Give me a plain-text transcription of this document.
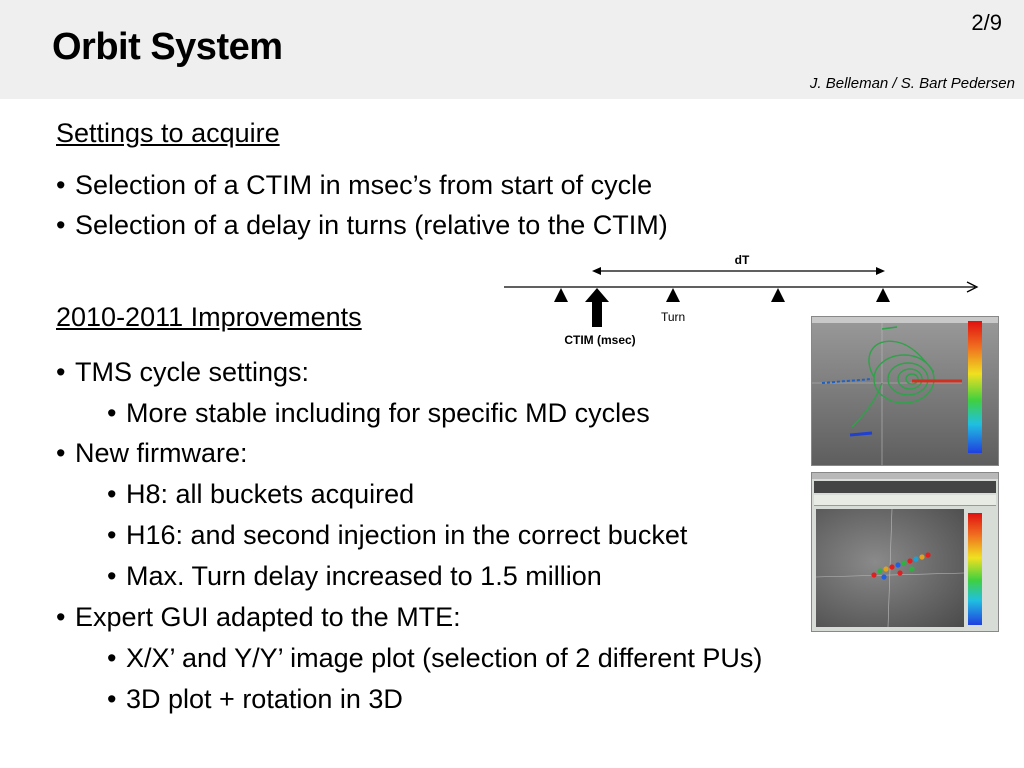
Orbit System
2/9
J. Belleman / S. Bart Pedersen
Settings to acquire
• Selection of a CTIM in msec’s from start of cycle
• Selection of a delay in turns (relative to the CTIM)
2010-2011 Improvements
• TMS cycle settings:
• More stable including for specific MD cycles
• New firmware:
• H8: all buckets acquired
• H16: and second injection in the correct bucket
• Max. Turn delay increased to 1.5 million
• Expert GUI adapted to the MTE:
• X/X’ and Y/Y’ image plot (selection of 2 different PUs)
• 3D plot + rotation in 3D
dT
Turn
CTIM (msec)
